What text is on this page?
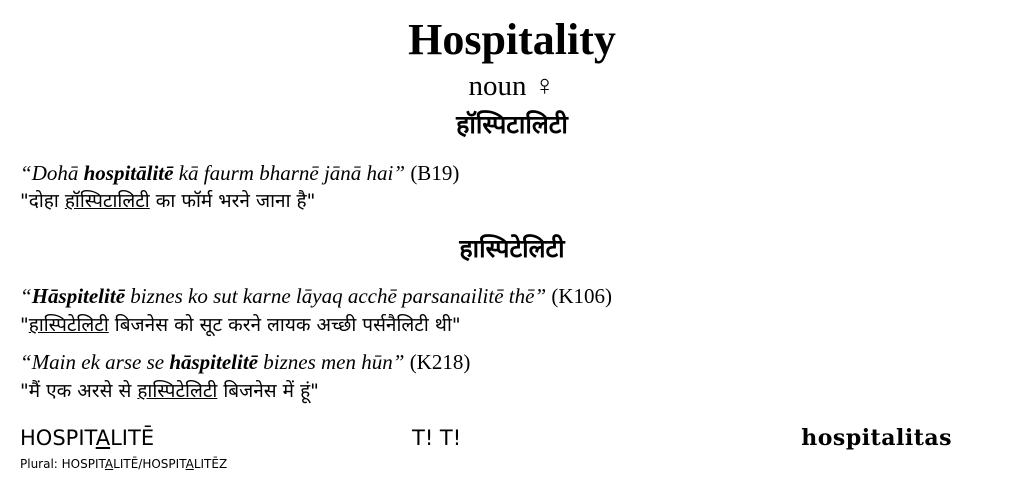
Hospitality
noun ♀
हॉस्पिटालिटी
“Dohā hospitālitē kā faurm bharnē jānā hai” (B19)
"दोहा हॉस्पिटालिटी का फॉर्म भरने जाना है"
हास्पिटेलिटी
“Hāspitelitē biznes ko sut karne lāyaq acchē parsanailitē thē” (K106)
"हास्पिटेलिटी बिजनेस को सूट करने लायक अच्छी पर्सनैलिटी थी"
“Main ek arse se hāspitelitē biznes men hūn” (K218)
"मैं एक अरसे से हास्पिटेलिटी बिजनेस में हूं"
HOSPITALITĒ	T! T!	hospitalitas
Plural: HOSPITALITĒ/HOSPITALITĒZ
